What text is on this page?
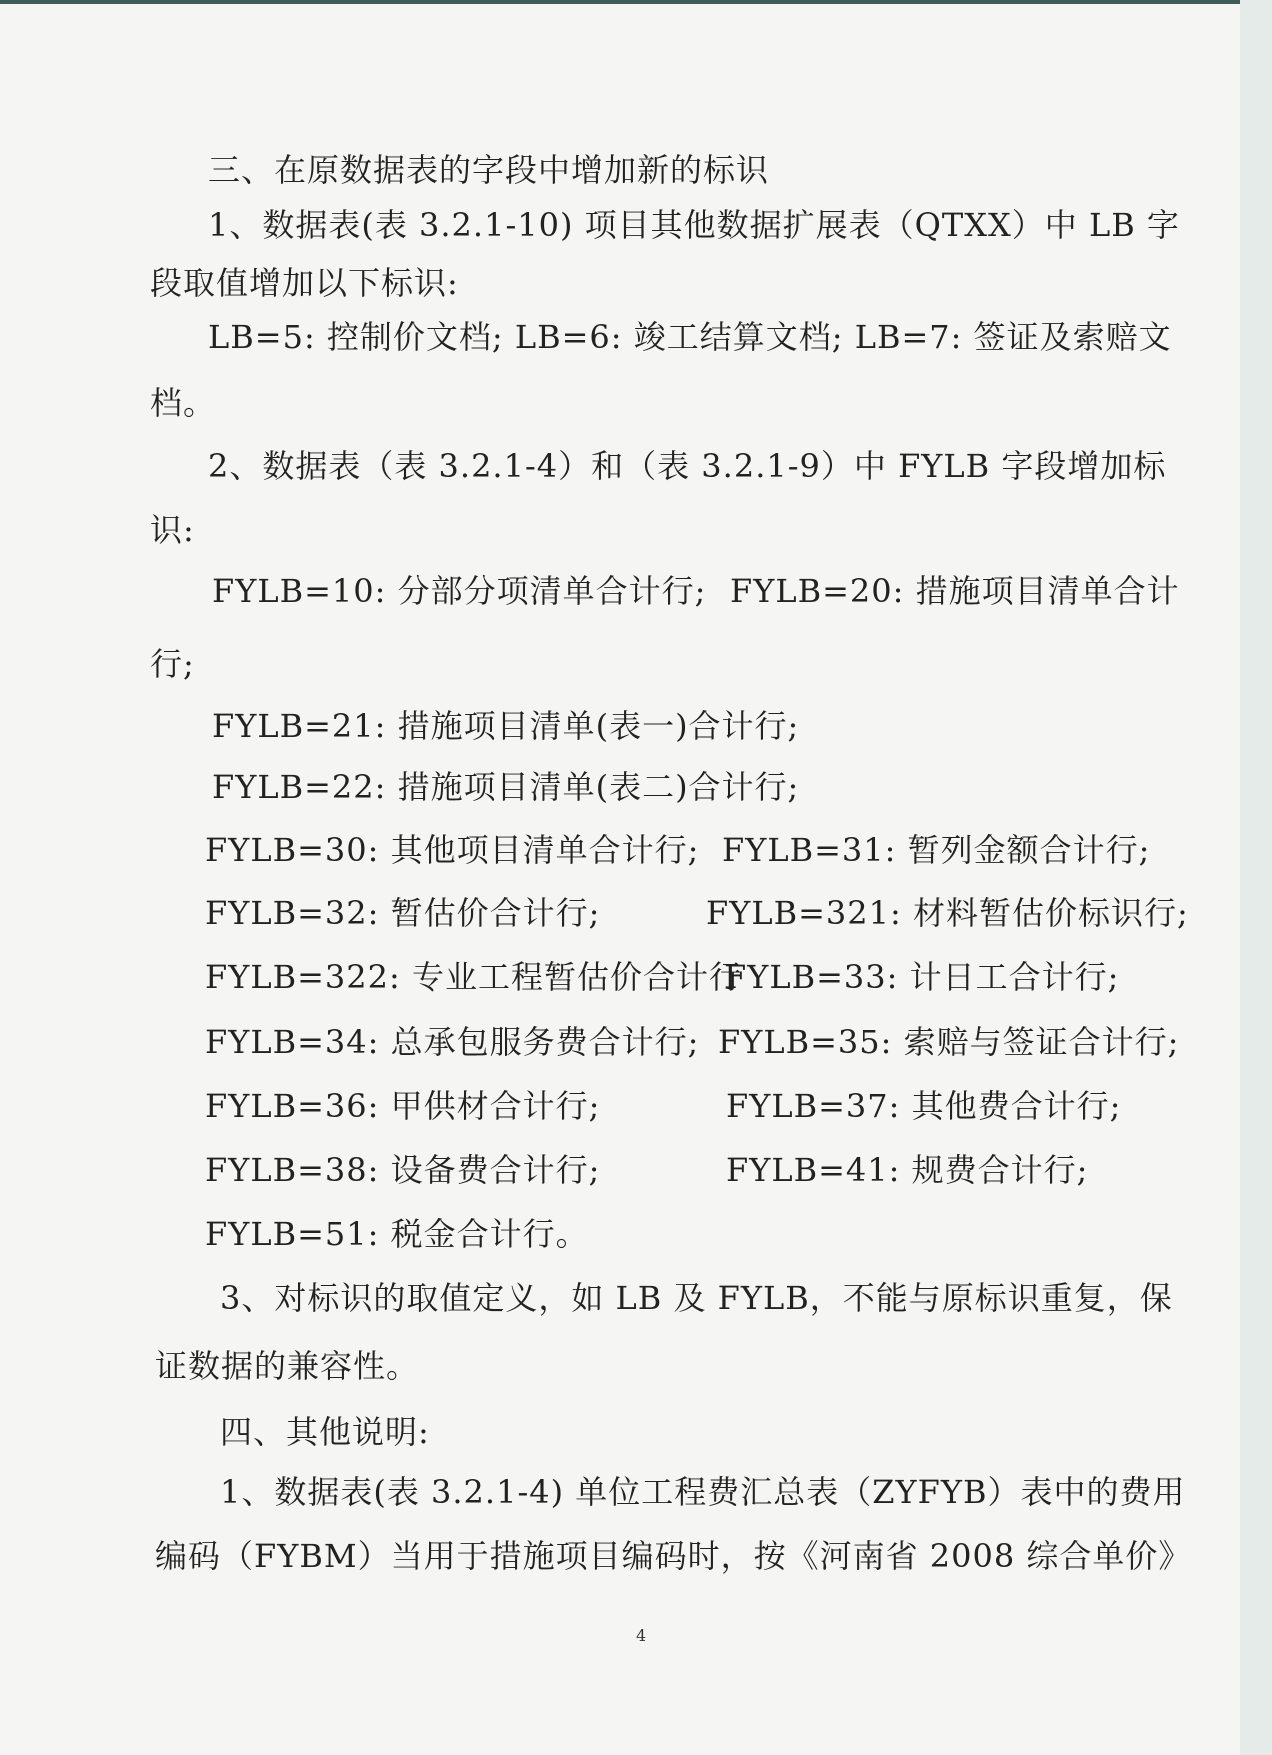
三、在原数据表的字段中增加新的标识
1、数据表(表 3.2.1-10) 项目其他数据扩展表（QTXX）中 LB 字
段取值增加以下标识:
LB=5: 控制价文档; LB=6: 竣工结算文档; LB=7: 签证及索赔文
档。
2、数据表（表 3.2.1-4）和（表 3.2.1-9）中 FYLB 字段增加标
识:
FYLB=10: 分部分项清单合计行; FYLB=20: 措施项目清单合计
行;
FYLB=21: 措施项目清单(表一)合计行;
FYLB=22: 措施项目清单(表二)合计行;
FYLB=30: 其他项目清单合计行; FYLB=31: 暂列金额合计行;
FYLB=32: 暂估价合计行;	FYLB=321: 材料暂估价标识行;
FYLB=322: 专业工程暂估价合计行
FYLB=33: 计日工合计行;
FYLB=34: 总承包服务费合计行; FYLB=35: 索赔与签证合计行;
FYLB=36: 甲供材合计行;	FYLB=37: 其他费合计行;
FYLB=38: 设备费合计行;	FYLB=41: 规费合计行;
FYLB=51: 税金合计行。
3、对标识的取值定义，如 LB 及 FYLB，不能与原标识重复，保
证数据的兼容性。
四、其他说明:
1、数据表(表 3.2.1-4) 单位工程费汇总表（ZYFYB）表中的费用
编码（FYBM）当用于措施项目编码时，按《河南省 2008 综合单价》
4
